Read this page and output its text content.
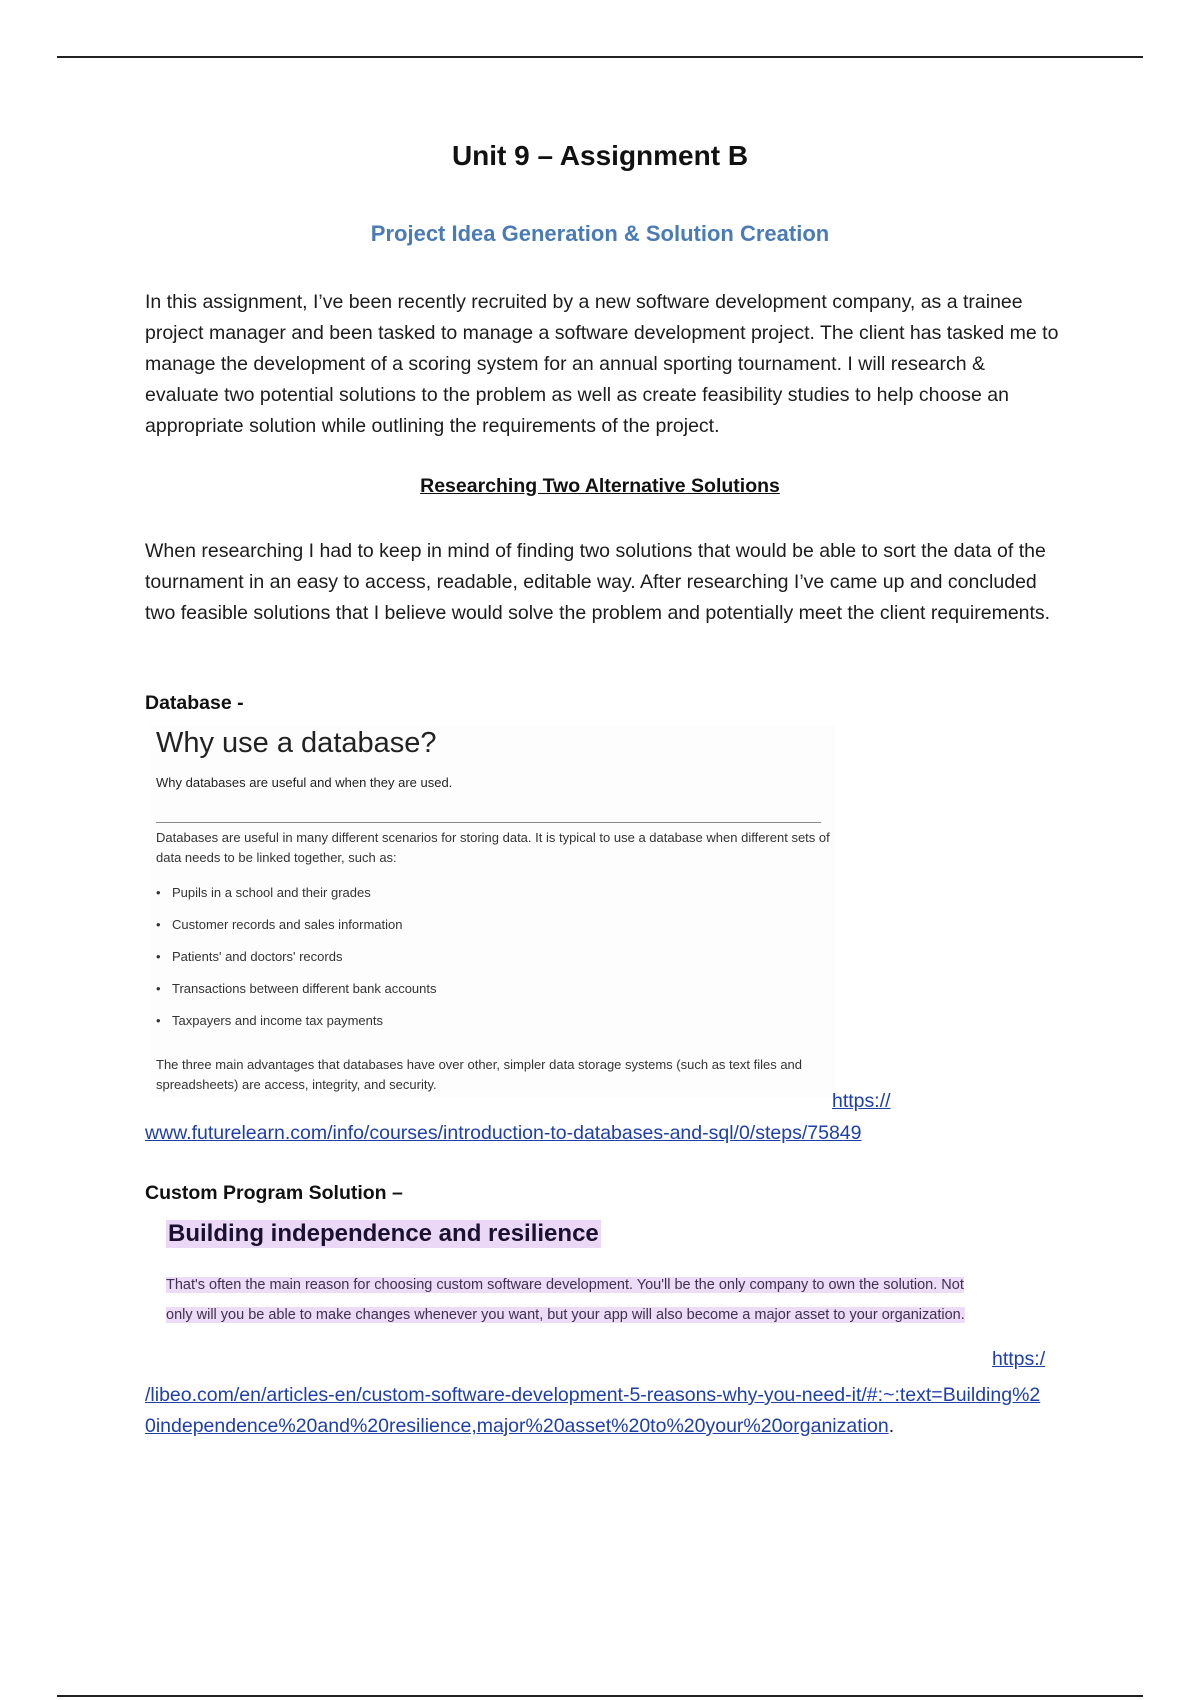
Unit 9 – Assignment B
Project Idea Generation & Solution Creation
In this assignment, I’ve been recently recruited by a new software development company, as a trainee project manager and been tasked to manage a software development project. The client has tasked me to manage the development of a scoring system for an annual sporting tournament. I will research & evaluate two potential solutions to the problem as well as create feasibility studies to help choose an appropriate solution while outlining the requirements of the project.
Researching Two Alternative Solutions
When researching I had to keep in mind of finding two solutions that would be able to sort the data of the tournament in an easy to access, readable, editable way. After researching I’ve came up and concluded two feasible solutions that I believe would solve the problem and potentially meet the client requirements.
Database -
Why use a database?
Why databases are useful and when they are used.
Databases are useful in many different scenarios for storing data. It is typical to use a database when different sets of data needs to be linked together, such as:
• Pupils in a school and their grades
• Customer records and sales information
• Patients' and doctors' records
• Transactions between different bank accounts
• Taxpayers and income tax payments
The three main advantages that databases have over other, simpler data storage systems (such as text files and spreadsheets) are access, integrity, and security.
https://
www.futurelearn.com/info/courses/introduction-to-databases-and-sql/0/steps/75849
Custom Program Solution –
Building independence and resilience
That's often the main reason for choosing custom software development. You'll be the only company to own the solution. Not only will you be able to make changes whenever you want, but your app will also become a major asset to your organization.
https:/
/libeo.com/en/articles-en/custom-software-development-5-reasons-why-you-need-it/#:~:text=Building%20independence%20and%20resilience,major%20asset%20to%20your%20organization.
